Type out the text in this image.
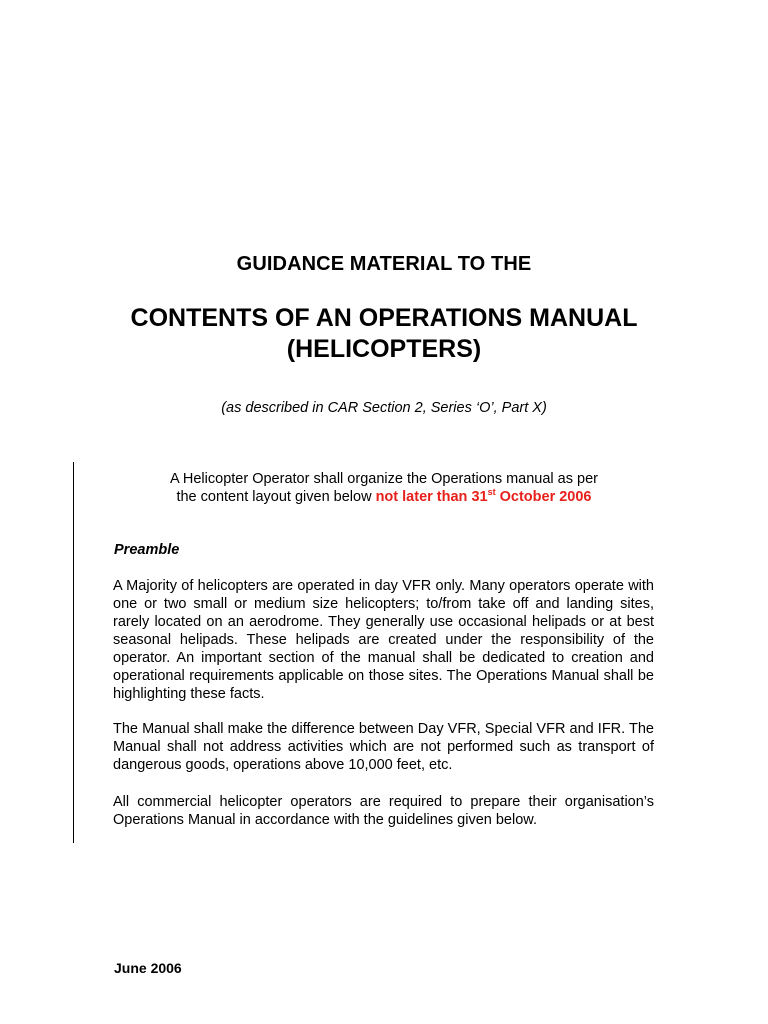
GUIDANCE MATERIAL TO THE
CONTENTS OF AN OPERATIONS MANUAL
(HELICOPTERS)
(as described in CAR Section 2, Series ‘O’, Part X)
A Helicopter Operator shall organize the Operations manual as per
the content layout given below not later than 31st October 2006
Preamble

A Majority of helicopters are operated in day VFR only. Many operators operate with one or two small or medium size helicopters; to/from take off and landing sites, rarely located on an aerodrome. They generally use occasional helipads or at best seasonal helipads. These helipads are created under the responsibility of the operator. An important section of the manual shall be dedicated to creation and operational requirements applicable on those sites. The Operations Manual shall be highlighting these facts.

The Manual shall make the difference between Day VFR, Special VFR and IFR. The Manual shall not address activities which are not performed such as transport of dangerous goods, operations above 10,000 feet, etc.

All commercial helicopter operators are required to prepare their organisation’s Operations Manual in accordance with the guidelines given below.

June 2006
